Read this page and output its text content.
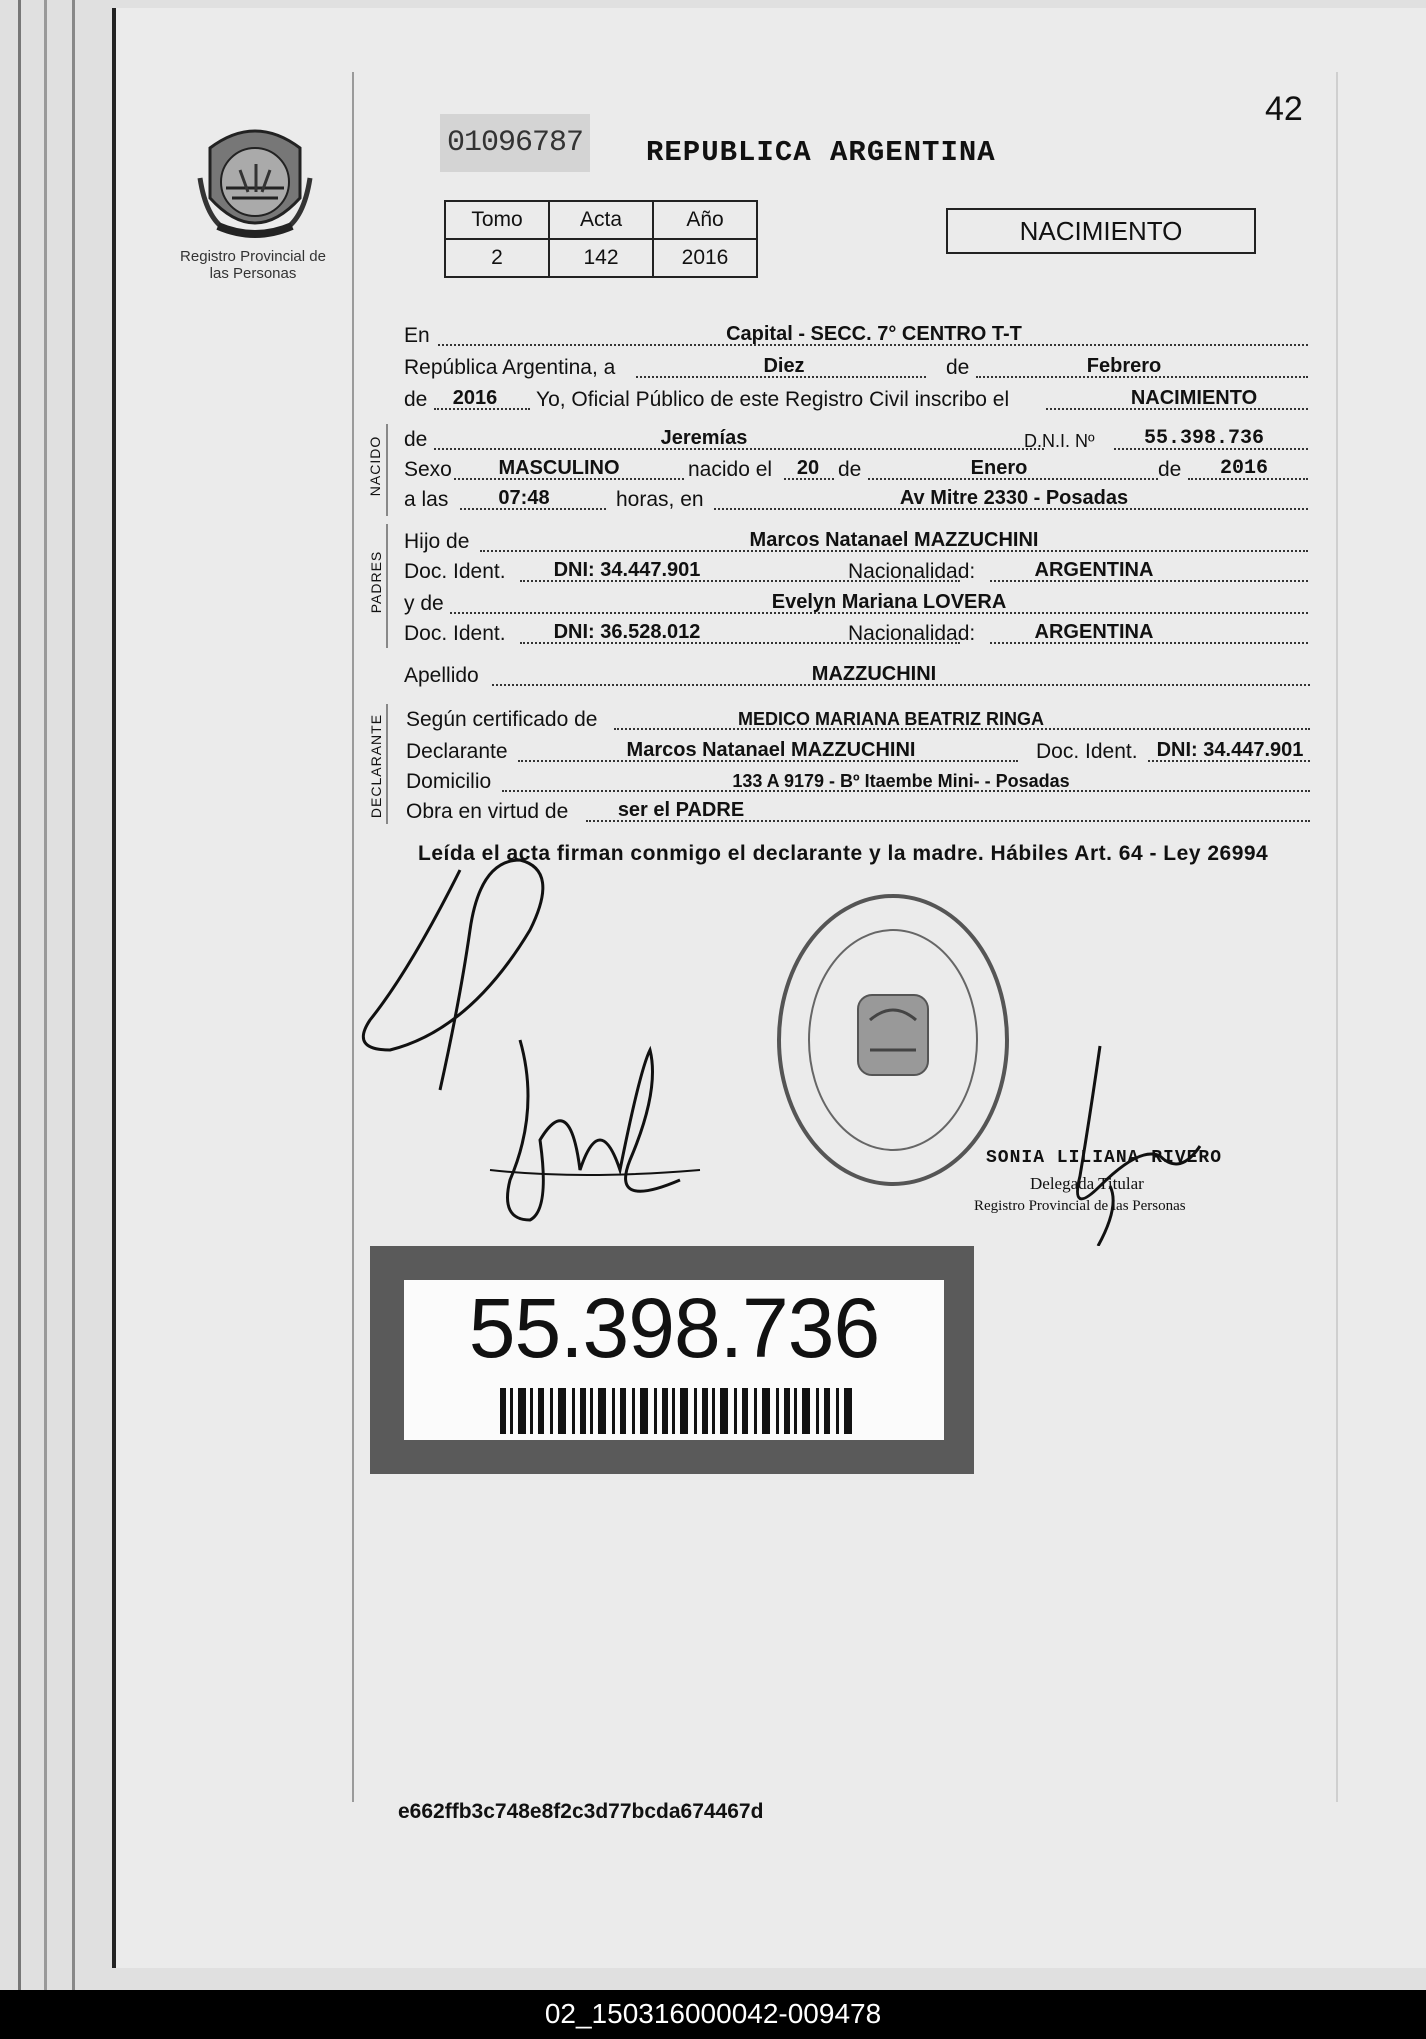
Registro Provincial de las Personas
42
01096787 REPUBLICA ARGENTINA
Tomo	Acta	Año
2	142	2016
NACIMIENTO
En	Capital - SECC. 7° CENTRO T-T
República Argentina, a	Diez	de	Febrero
de	2016	Yo, Oficial Público de este Registro Civil inscribo el	NACIMIENTO
NACIDO de	Jeremías	D.N.I. Nº	55.398.736
Sexo	MASCULINO	nacido el	20 de	Enero	de	2016
a las	07:48	horas, en	Av Mitre 2330 - Posadas
PADRES
Hijo de	Marcos Natanael MAZZUCHINI
Doc. Ident.	DNI: 34.447.901	Nacionalidad:	ARGENTINA
y de	Evelyn Mariana LOVERA
Doc. Ident.	DNI: 36.528.012	Nacionalidad:	ARGENTINA
Apellido	MAZZUCHINI
DECLARANTE Según certificado de	MEDICO MARIANA BEATRIZ RINGA
Declarante	Marcos Natanael MAZZUCHINI	Doc. Ident. DNI: 34.447.901
Domicilio	133 A 9179 - Bº Itaembe Mini- - Posadas
Obra en virtud de	ser el PADRE
Leída el acta firman conmigo el declarante y la madre. Hábiles Art. 64 - Ley 26994
SONIA LILIANA RIVERO
Delegada Titular
Registro Provincial de las Personas
55.398.736
e662ffb3c748e8f2c3d77bcda674467d
02_150316000042-009478
